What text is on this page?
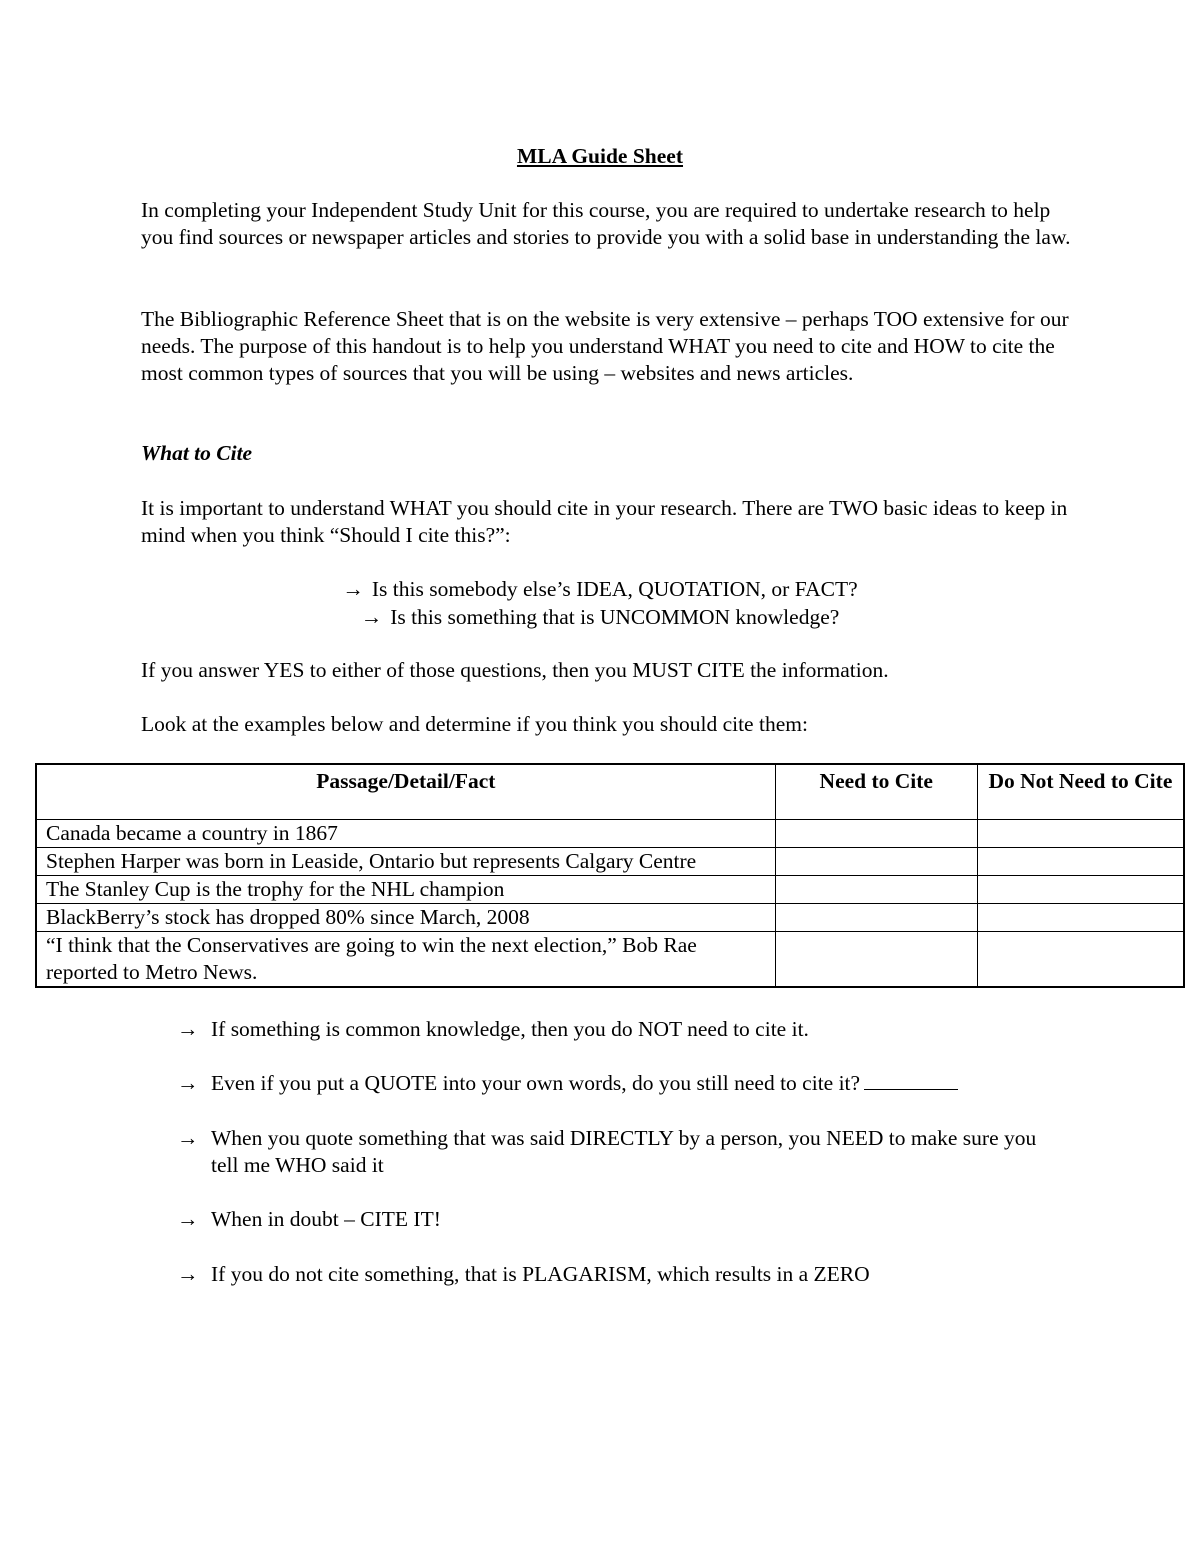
MLA Guide Sheet

In completing your Independent Study Unit for this course, you are required to undertake research to help you find sources or newspaper articles and stories to provide you with a solid base in understanding the law.

The Bibliographic Reference Sheet that is on the website is very extensive – perhaps TOO extensive for our needs. The purpose of this handout is to help you understand WHAT you need to cite and HOW to cite the most common types of sources that you will be using – websites and news articles.

What to Cite

It is important to understand WHAT you should cite in your research. There are TWO basic ideas to keep in mind when you think “Should I cite this?”:

→ Is this somebody else’s IDEA, QUOTATION, or FACT?
→ Is this something that is UNCOMMON knowledge?

If you answer YES to either of those questions, then you MUST CITE the information.

Look at the examples below and determine if you think you should cite them:

Passage/Detail/Fact	Need to Cite	Do Not Need to Cite
Canada became a country in 1867		
Stephen Harper was born in Leaside, Ontario but represents Calgary Centre		
The Stanley Cup is the trophy for the NHL champion		
BlackBerry’s stock has dropped 80% since March, 2008		
“I think that the Conservatives are going to win the next election,” Bob Rae reported to Metro News.		
→ If something is common knowledge, then you do NOT need to cite it.
→ Even if you put a QUOTE into your own words, do you still need to cite it?
→ When you quote something that was said DIRECTLY by a person, you NEED to make sure you tell me WHO said it
→ When in doubt – CITE IT!
→ If you do not cite something, that is PLAGARISM, which results in a ZERO
